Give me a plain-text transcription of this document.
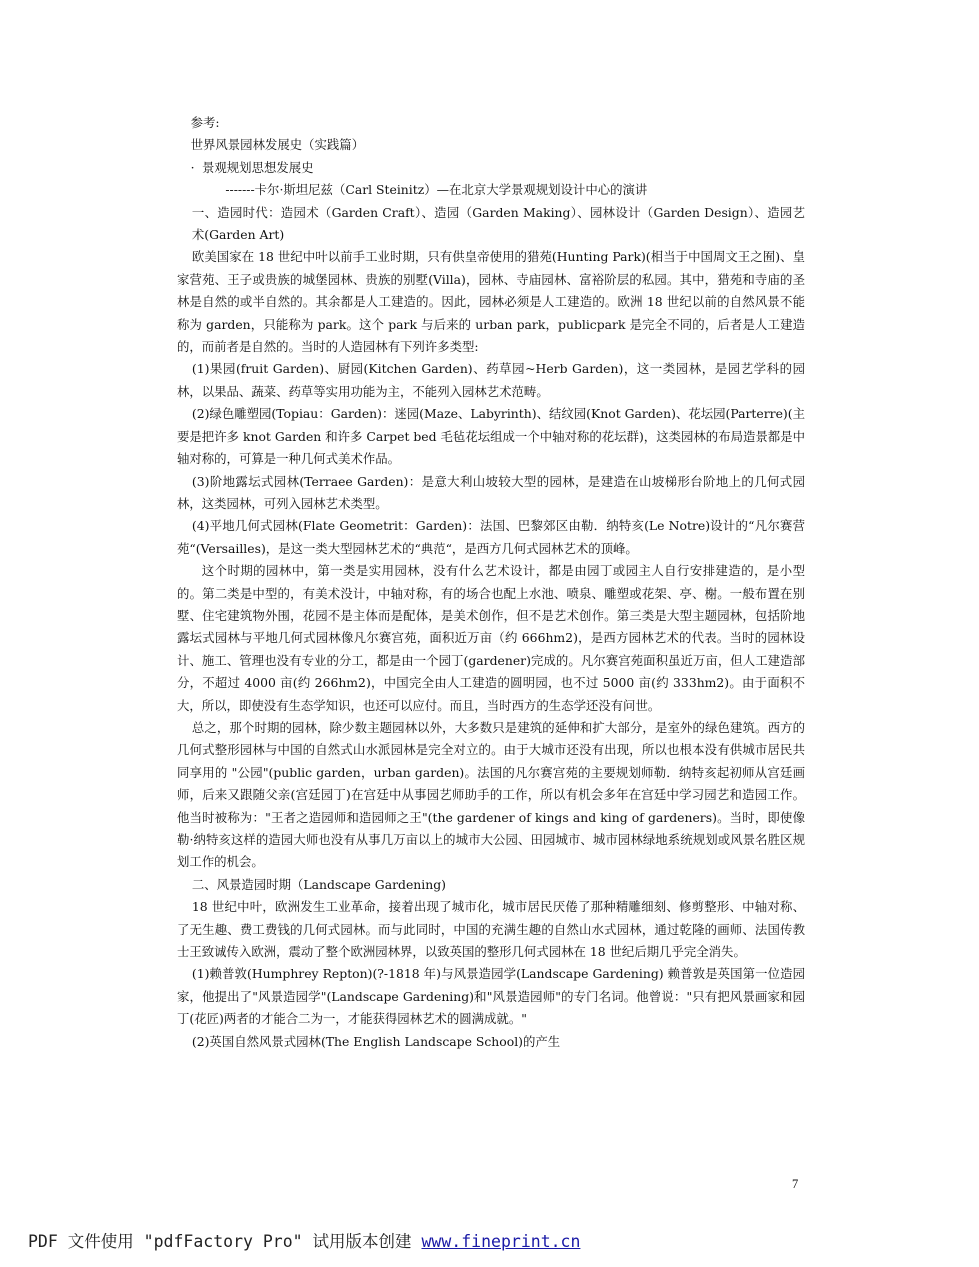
参考:

世界风景园林发展史（实践篇）

· 景观规划思想发展史

-------卡尔·斯坦尼兹（Carl Steinitz）—在北京大学景观规划设计中心的演讲

一、造园时代：造园术（Garden Craft）、造园（Garden Making）、园林设计（Garden Design）、造园艺术(Garden Art)

欧美国家在 18 世纪中叶以前手工业时期，只有供皇帝使用的猎苑(Hunting Park)(相当于中国周文王之囿)、皇家营苑、王子或贵族的城堡园林、贵族的别墅(Villa)，园林、寺庙园林、富裕阶层的私园。其中，猎苑和寺庙的圣林是自然的或半自然的。其余都是人工建造的。因此，园林必须是人工建造的。欧洲 18 世纪以前的自然风景不能称为 garden，只能称为 park。这个 park 与后来的 urban park，publicpark 是完全不同的，后者是人工建造的，而前者是自然的。当时的人造园林有下列许多类型:

(1)果园(fruit Garden)、厨园(Kitchen Garden)、药草园~Herb Garden)，这一类园林，是园艺学科的园林，以果品、蔬菜、药草等实用功能为主，不能列入园林艺术范畴。

(2)绿色雕塑园(Topiau：Garden)：迷园(Maze、Labyrinth)、结纹园(Knot Garden)、花坛园(Parterre)(主要是把许多 knot Garden 和许多 Carpet bed 毛毡花坛组成一个中轴对称的花坛群)，这类园林的布局造景都是中轴对称的，可算是一种几何式美术作品。

(3)阶地露坛式园林(Terraee Garden)：是意大利山坡较大型的园林，是建造在山坡梯形台阶地上的几何式园林，这类园林，可列入园林艺术类型。

(4)平地几何式园林(Flate Geometrit：Garden)：法国、巴黎郊区由勒．纳特亥(Le Notre)设计的“凡尔赛营苑“(Versailles)，是这一类大型园林艺术的“典范“，是西方几何式园林艺术的顶峰。

这个时期的园林中，第一类是实用园林，没有什么艺术设计，都是由园丁或园主人自行安排建造的，是小型的。第二类是中型的，有美术没计，中轴对称，有的场合也配上水池、喷泉、雕塑或花架、亭、榭。一般布置在别墅、住宅建筑物外围，花园不是主体而是配体，是美术创作，但不是艺术创作。第三类是大型主题园林，包括阶地露坛式园林与平地几何式园林像凡尔赛宫苑，面积近万亩（约 666hm2)，是西方园林艺术的代表。当时的园林设计、施工、管理也没有专业的分工，都是由一个园丁(gardener)完成的。凡尔赛宫苑面积虽近万亩，但人工建造部分，不超过 4000 亩(约 266hm2)，中国完全由人工建造的圆明园，也不过 5000 亩(约 333hm2)。由于面积不大，所以，即使没有生态学知识，也还可以应付。而且，当时西方的生态学还没有问世。

总之，那个时期的园林，除少数主题园林以外，大多数只是建筑的延伸和扩大部分，是室外的绿色建筑。西方的几何式整形园林与中国的自然式山水派园林是完全对立的。由于大城市还没有出现，所以也根本没有供城市居民共同享用的 "公园"(public garden，urban garden)。法国的凡尔赛宫苑的主要规划师勒．纳特亥起初师从宫廷画师，后来又跟随父亲(宫廷园丁)在宫廷中从事园艺师助手的工作，所以有机会多年在宫廷中学习园艺和造园工作。他当时被称为："王者之造园师和造园师之王"(the gardener of kings and king of gardeners)。当时，即使像勒·纳特亥这样的造园大师也没有从事几万亩以上的城市大公园、田园城市、城市园林绿地系统规划或风景名胜区规划工作的机会。

二、风景造园时期（Landscape Gardening)

18 世纪中叶，欧洲发生工业革命，接着出现了城市化，城市居民厌倦了那种精雕细刻、修剪整形、中轴对称、了无生趣、费工费钱的几何式园林。而与此同时，中国的充满生趣的自然山水式园林，通过乾隆的画师、法国传教士王致诚传入欧洲，震动了整个欧洲园林界，以致英国的整形几何式园林在 18 世纪后期几乎完全消失。

(1)赖普敦(Humphrey Repton)(?-1818 年)与风景造园学(Landscape Gardening) 赖普敦是英国第一位造园家，他提出了"风景造园学"(Landscape Gardening)和"风景造园师"的专门名词。他曾说："只有把风景画家和园丁(花匠)两者的才能合二为一，才能获得园林艺术的圆满成就。"

(2)英国自然风景式园林(The English Landscape School)的产生

7
PDF 文件使用 "pdfFactory Pro" 试用版本创建 www.fineprint.cn
